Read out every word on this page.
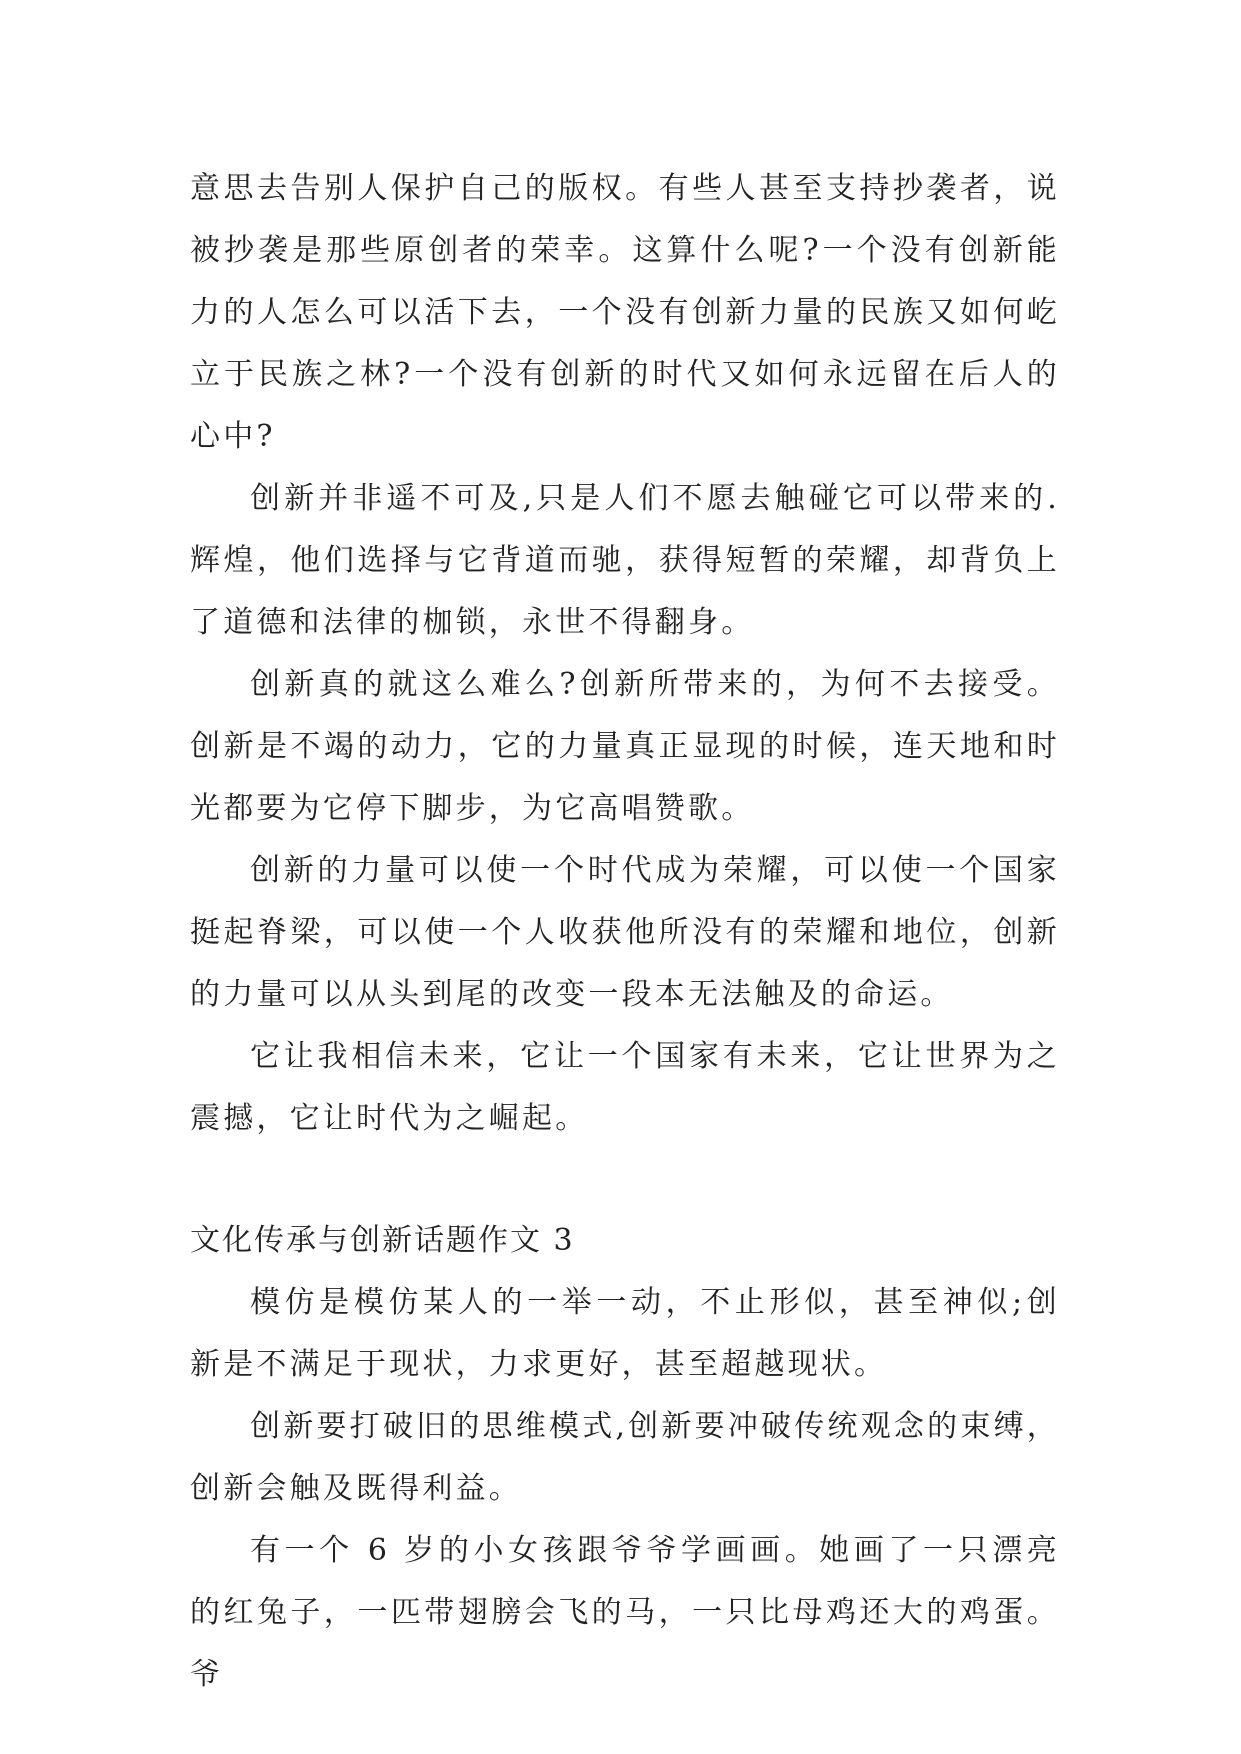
意思去告别人保护自己的版权。有些人甚至支持抄袭者，说被抄袭是那些原创者的荣幸。这算什么呢?一个没有创新能力的人怎么可以活下去，一个没有创新力量的民族又如何屹立于民族之林?一个没有创新的时代又如何永远留在后人的心中?

创新并非遥不可及,只是人们不愿去触碰它可以带来的.辉煌，他们选择与它背道而驰，获得短暂的荣耀，却背负上了道德和法律的枷锁，永世不得翻身。

创新真的就这么难么?创新所带来的，为何不去接受。创新是不竭的动力，它的力量真正显现的时候，连天地和时光都要为它停下脚步，为它高唱赞歌。

创新的力量可以使一个时代成为荣耀，可以使一个国家挺起脊梁，可以使一个人收获他所没有的荣耀和地位，创新的力量可以从头到尾的改变一段本无法触及的命运。

它让我相信未来，它让一个国家有未来，它让世界为之震撼，它让时代为之崛起。

文化传承与创新话题作文 3

模仿是模仿某人的一举一动，不止形似，甚至神似;创新是不满足于现状，力求更好，甚至超越现状。

创新要打破旧的思维模式,创新要冲破传统观念的束缚，创新会触及既得利益。

有一个 6 岁的小女孩跟爷爷学画画。她画了一只漂亮的红兔子，一匹带翅膀会飞的马，一只比母鸡还大的鸡蛋。爷
